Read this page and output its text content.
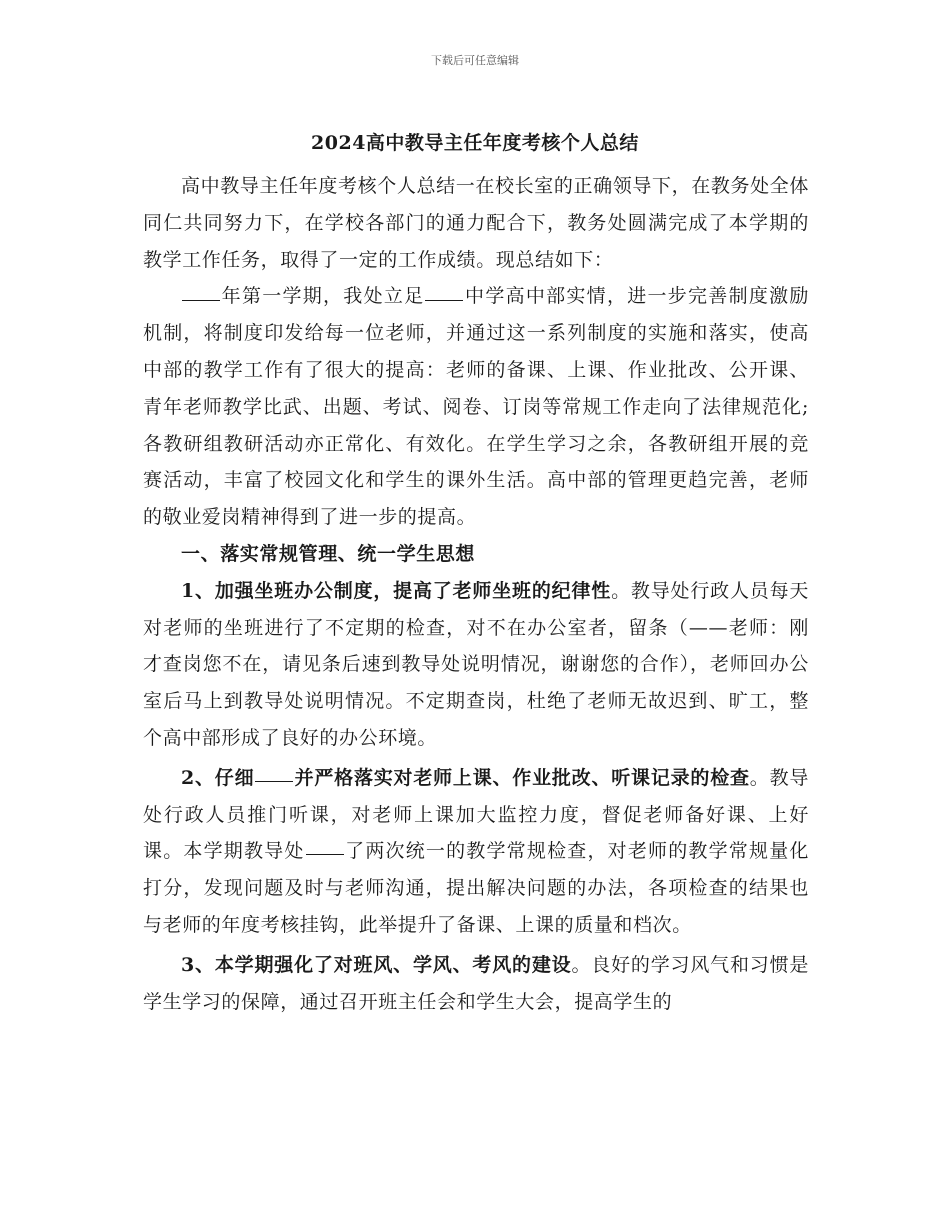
下载后可任意编辑
2024高中教导主任年度考核个人总结

高中教导主任年度考核个人总结一在校长室的正确领导下，在教务处全体同仁共同努力下，在学校各部门的通力配合下，教务处圆满完成了本学期的教学工作任务，取得了一定的工作成绩。现总结如下：

年第一学期，我处立足 中学高中部实情，进一步完善制度激励机制，将制度印发给每一位老师，并通过这一系列制度的实施和落实，使高中部的教学工作有了很大的提高：老师的备课、上课、作业批改、公开课、青年老师教学比武、出题、考试、阅卷、订岗等常规工作走向了法律规范化;各教研组教研活动亦正常化、有效化。在学生学习之余，各教研组开展的竞赛活动，丰富了校园文化和学生的课外生活。高中部的管理更趋完善，老师的敬业爱岗精神得到了进一步的提高。

一、落实常规管理、统一学生思想

1、加强坐班办公制度，提高了老师坐班的纪律性。教导处行政人员每天对老师的坐班进行了不定期的检查，对不在办公室者，留条（——老师：刚才查岗您不在，请见条后速到教导处说明情况，谢谢您的合作），老师回办公室后马上到教导处说明情况。不定期查岗，杜绝了老师无故迟到、旷工，整个高中部形成了良好的办公环境。

2、仔细 并严格落实对老师上课、作业批改、听课记录的检查。教导处行政人员推门听课，对老师上课加大监控力度，督促老师备好课、上好课。本学期教导处 了两次统一的教学常规检查，对老师的教学常规量化打分，发现问题及时与老师沟通，提出解决问题的办法，各项检查的结果也与老师的年度考核挂钩，此举提升了备课、上课的质量和档次。

3、本学期强化了对班风、学风、考风的建设。良好的学习风气和习惯是学生学习的保障，通过召开班主任会和学生大会，提高学生的
